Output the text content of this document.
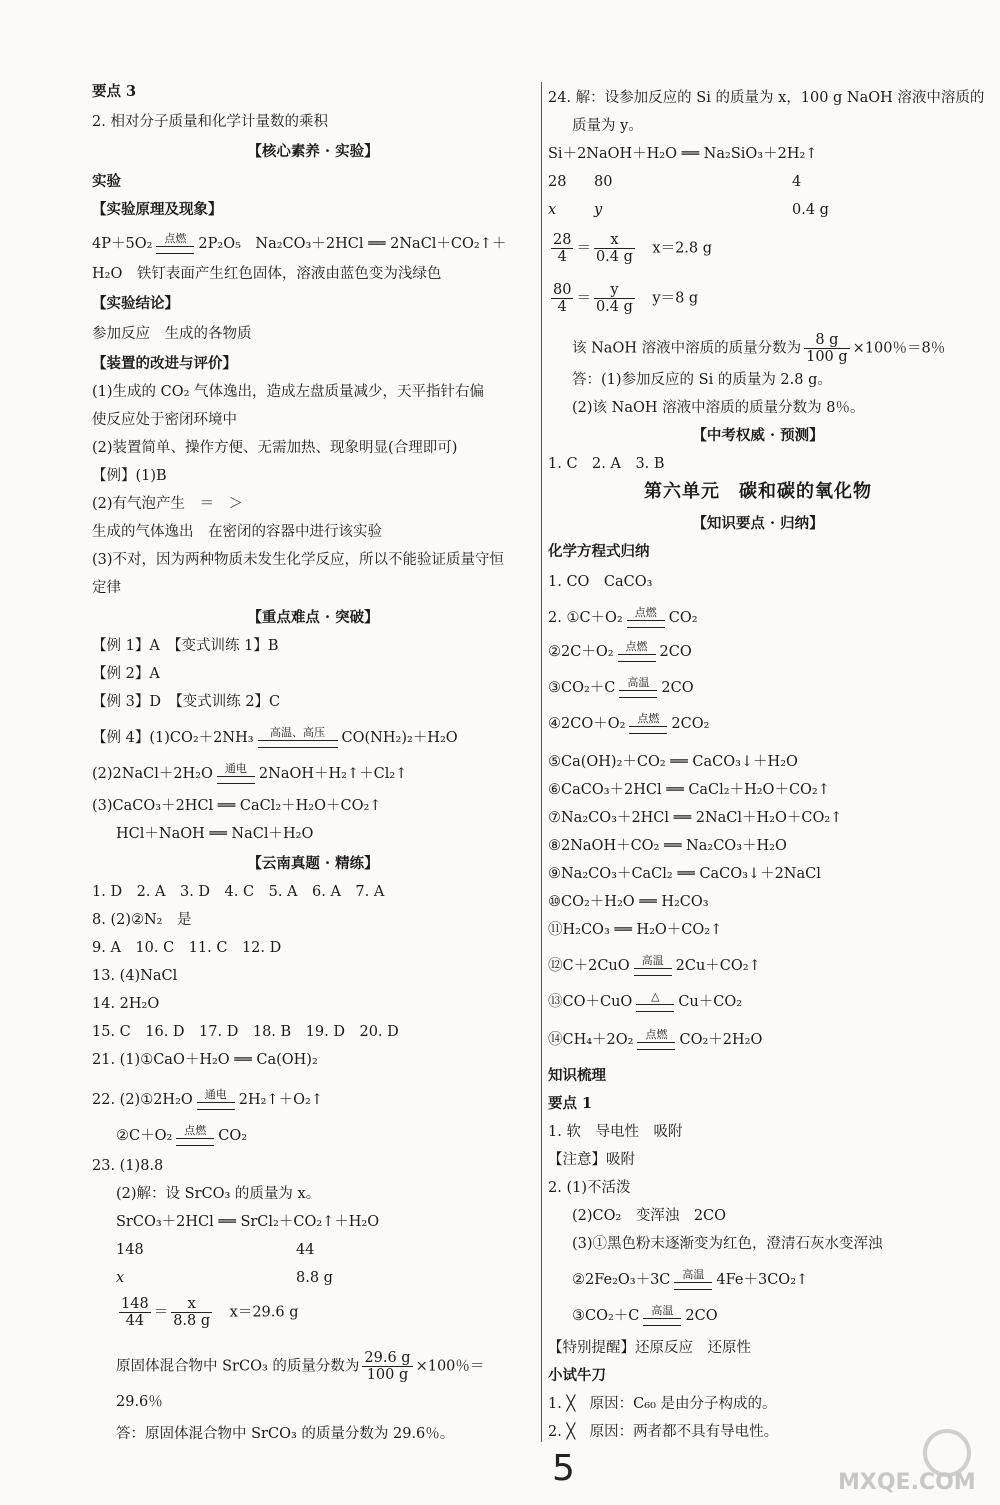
要点 3
2. 相对分子质量和化学计量数的乘积
【核心素养 · 实验】
实验
【实验原理及现象】
4P＋5O₂	点燃 2P₂O₅　Na₂CO₃＋2HCl ══ 2NaCl＋CO₂↑＋
H₂O　铁钉表面产生红色固体，溶液由蓝色变为浅绿色
【实验结论】
参加反应　生成的各物质
【装置的改进与评价】
(1)生成的 CO₂ 气体逸出，造成左盘质量减少，天平指针右偏
使反应处于密闭环境中
(2)装置简单、操作方便、无需加热、现象明显(合理即可)
【例】(1)B
(2)有气泡产生　＝　＞
生成的气体逸出　在密闭的容器中进行该实验
(3)不对，因为两种物质未发生化学反应，所以不能验证质量守恒
定律
【重点难点 · 突破】
【例 1】A　【变式训练 1】B
【例 2】A
【例 3】D　【变式训练 2】C
【例 4】(1)CO₂＋2NH₃	高温、高压	CO(NH₂)₂＋H₂O
(2)2NaCl＋2H₂O	通电 2NaOH＋H₂↑＋Cl₂↑
(3)CaCO₃＋2HCl ══ CaCl₂＋H₂O＋CO₂↑
HCl＋NaOH ══ NaCl＋H₂O
【云南真题 · 精练】
1. D　2. A　3. D　4. C　5. A　6. A　7. A
8. (2)②N₂　是
9. A　10. C　11. C　12. D
13. (4)NaCl
14. 2H₂O
15. C　16. D　17. D　18. B　19. D　20. D
21. (1)①CaO＋H₂O ══ Ca(OH)₂
22. (2)①2H₂O	通电 2H₂↑＋O₂↑
②C＋O₂	点燃 CO₂
23. (1)8.8
(2)解：设 SrCO₃ 的质量为 x。
SrCO₃＋2HCl ══ SrCl₂＋CO₂↑＋H₂O
148	44
x	8.8 g
$\frac{148}{44} = \frac{x}{8.8 g}$
　 x＝29.6 g
原固体混合物中 SrCO₃ 的质量分数为 $\frac{29.6 g}{100 g} \times 100$％＝
29.6％
答：原固体混合物中 SrCO₃ 的质量分数为 29.6％。
24. 解：设参加反应的 Si 的质量为 x，100 g NaOH 溶液中溶质的
质量为 y。
Si＋2NaOH＋H₂O ══ Na₂SiO₃＋2H₂↑
28 80	4
x	y	0.4 g
$\frac{28}{4} = \frac{x}{0.4 g}$
　 x＝2.8 g
$\frac{80}{4} = \frac{y}{0.4 g}$
　 y＝8 g
该 NaOH 溶液中溶质的质量分数为 $\frac{8 g}{100 g} \times 100$％＝8％
答：(1)参加反应的 Si 的质量为 2.8 g。
(2)该 NaOH 溶液中溶质的质量分数为 8％。
【中考权威 · 预测】
1. C　2. A　3. B
第六单元　碳和碳的氧化物
【知识要点 · 归纳】
化学方程式归纳
1. CO　CaCO₃
2. ①C＋O₂	点燃 CO₂
②2C＋O₂	点燃 2CO
③CO₂＋C	高温 2CO
④2CO＋O₂	点燃 2CO₂
⑤Ca(OH)₂＋CO₂ ══ CaCO₃↓＋H₂O
⑥CaCO₃＋2HCl ══ CaCl₂＋H₂O＋CO₂↑
⑦Na₂CO₃＋2HCl ══ 2NaCl＋H₂O＋CO₂↑
⑧2NaOH＋CO₂ ══ Na₂CO₃＋H₂O
⑨Na₂CO₃＋CaCl₂ ══ CaCO₃↓＋2NaCl
⑩CO₂＋H₂O ══ H₂CO₃
⑪H₂CO₃ ══ H₂O＋CO₂↑
⑫C＋2CuO	高温 2Cu＋CO₂↑
⑬CO＋CuO	△	Cu＋CO₂
⑭CH₄＋2O₂	点燃 CO₂＋2H₂O
知识梳理
要点 1
1. 软　导电性　吸附
【注意】吸附
2. (1)不活泼
(2)CO₂　变浑浊　2CO
(3)①黑色粉末逐渐变为红色，澄清石灰水变浑浊
②2Fe₂O₃＋3C	高温 4Fe＋3CO₂↑
③CO₂＋C	高温 2CO
【特别提醒】还原反应　还原性
小试牛刀
1. ╳　原因：C₆₀ 是由分子构成的。
2. ╳　原因：两者都不具有导电性。
5	MXQE.COM
